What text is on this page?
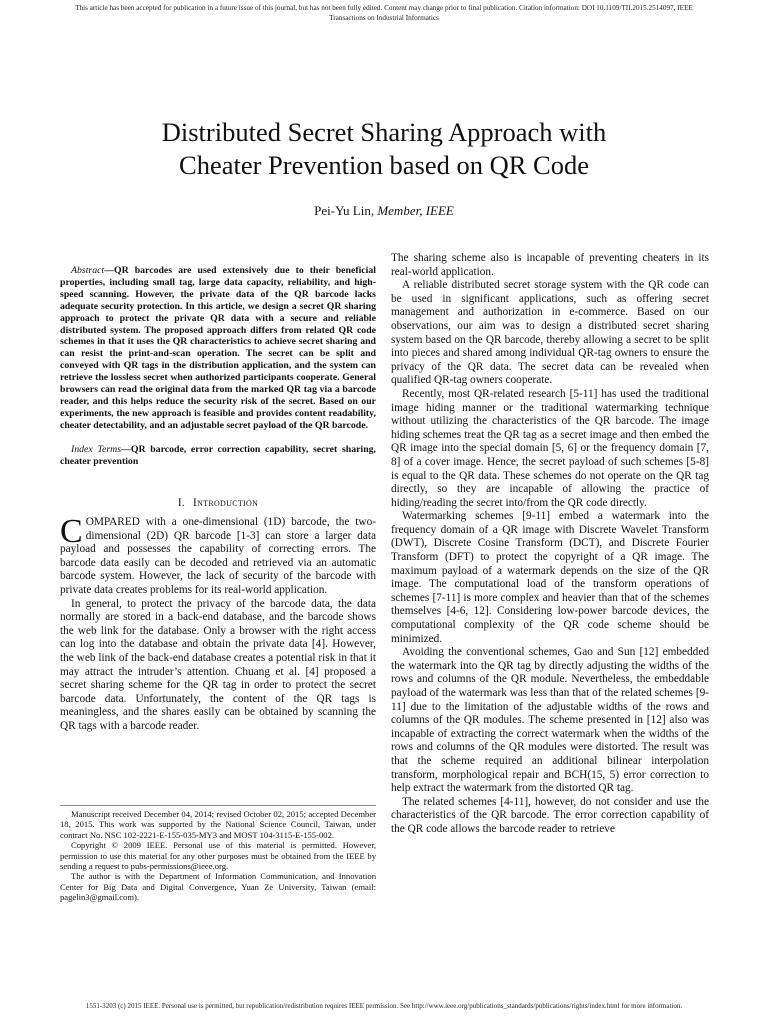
This article has been accepted for publication in a future issue of this journal, but has not been fully edited. Content may change prior to final publication. Citation information: DOI 10.1109/TII.2015.2514097, IEEE
Transactions on Industrial Informatics
Distributed Secret Sharing Approach with
Cheater Prevention based on QR Code
Pei-Yu Lin, Member, IEEE

Abstract—QR barcodes are used extensively due to their beneficial properties, including small tag, large data capacity, reliability, and high-speed scanning. However, the private data of the QR barcode lacks adequate security protection. In this article, we design a secret QR sharing approach to protect the private QR data with a secure and reliable distributed system. The proposed approach differs from related QR code schemes in that it uses the QR characteristics to achieve secret sharing and can resist the print-and-scan operation. The secret can be split and conveyed with QR tags in the distribution application, and the system can retrieve the lossless secret when authorized participants cooperate. General browsers can read the original data from the marked QR tag via a barcode reader, and this helps reduce the security risk of the secret. Based on our experiments, the new approach is feasible and provides content readability, cheater detectability, and an adjustable secret payload of the QR barcode.

Index Terms—QR barcode, error correction capability, secret sharing, cheater prevention

I. Introduction

COMPARED with a one-dimensional (1D) barcode, the two-dimensional (2D) QR barcode [1-3] can store a larger data payload and possesses the capability of correcting errors. The barcode data easily can be decoded and retrieved via an automatic barcode system. However, the lack of security of the barcode with private data creates problems for its real-world application.

In general, to protect the privacy of the barcode data, the data normally are stored in a back-end database, and the barcode shows the web link for the database. Only a browser with the right access can log into the database and obtain the private data [4]. However, the web link of the back-end database creates a potential risk in that it may attract the intruder’s attention. Chuang et al. [4] proposed a secret sharing scheme for the QR tag in order to protect the secret barcode data. Unfortunately, the content of the QR tags is meaningless, and the shares easily can be obtained by scanning the QR tags with a barcode reader.

Manuscript received December 04, 2014; revised October 02, 2015; accepted December 18, 2015. This work was supported by the National Science Council, Taiwan, under contract No. NSC 102-2221-E-155-035-MY3 and MOST 104-3115-E-155-002.

Copyright © 2009 IEEE. Personal use of this material is permitted. However, permission to use this material for any other purposes must be obtained from the IEEE by sending a request to pubs-permissions@ieee.org.

The author is with the Department of Information Communication, and Innovation Center for Big Data and Digital Convergence, Yuan Ze University, Taiwan (email: pagelin3@gmail.com).

The sharing scheme also is incapable of preventing cheaters in its real-world application.

A reliable distributed secret storage system with the QR code can be used in significant applications, such as offering secret management and authorization in e-commerce. Based on our observations, our aim was to design a distributed secret sharing system based on the QR barcode, thereby allowing a secret to be split into pieces and shared among individual QR-tag owners to ensure the privacy of the QR data. The secret data can be revealed when qualified QR-tag owners cooperate.

Recently, most QR-related research [5-11] has used the traditional image hiding manner or the traditional watermarking technique without utilizing the characteristics of the QR barcode. The image hiding schemes treat the QR tag as a secret image and then embed the QR image into the special domain [5, 6] or the frequency domain [7, 8] of a cover image. Hence, the secret payload of such schemes [5-8] is equal to the QR data. These schemes do not operate on the QR tag directly, so they are incapable of allowing the practice of hiding/reading the secret into/from the QR code directly.

Watermarking schemes [9-11] embed a watermark into the frequency domain of a QR image with Discrete Wavelet Transform (DWT), Discrete Cosine Transform (DCT), and Discrete Fourier Transform (DFT) to protect the copyright of a QR image. The maximum payload of a watermark depends on the size of the QR image. The computational load of the transform operations of schemes [7-11] is more complex and heavier than that of the schemes themselves [4-6, 12]. Considering low-power barcode devices, the computational complexity of the QR code scheme should be minimized.

Avoiding the conventional schemes, Gao and Sun [12] embedded the watermark into the QR tag by directly adjusting the widths of the rows and columns of the QR module. Nevertheless, the embeddable payload of the watermark was less than that of the related schemes [9-11] due to the limitation of the adjustable widths of the rows and columns of the QR modules. The scheme presented in [12] also was incapable of extracting the correct watermark when the widths of the rows and columns of the QR modules were distorted. The result was that the scheme required an additional bilinear interpolation transform, morphological repair and BCH(15, 5) error correction to help extract the watermark from the distorted QR tag.

The related schemes [4-11], however, do not consider and use the characteristics of the QR barcode. The error correction capability of the QR code allows the barcode reader to retrieve

1551-3203 (c) 2015 IEEE. Personal use is permitted, but republication/redistribution requires IEEE permission. See http://www.ieee.org/publications_standards/publications/rights/index.html for more information.
